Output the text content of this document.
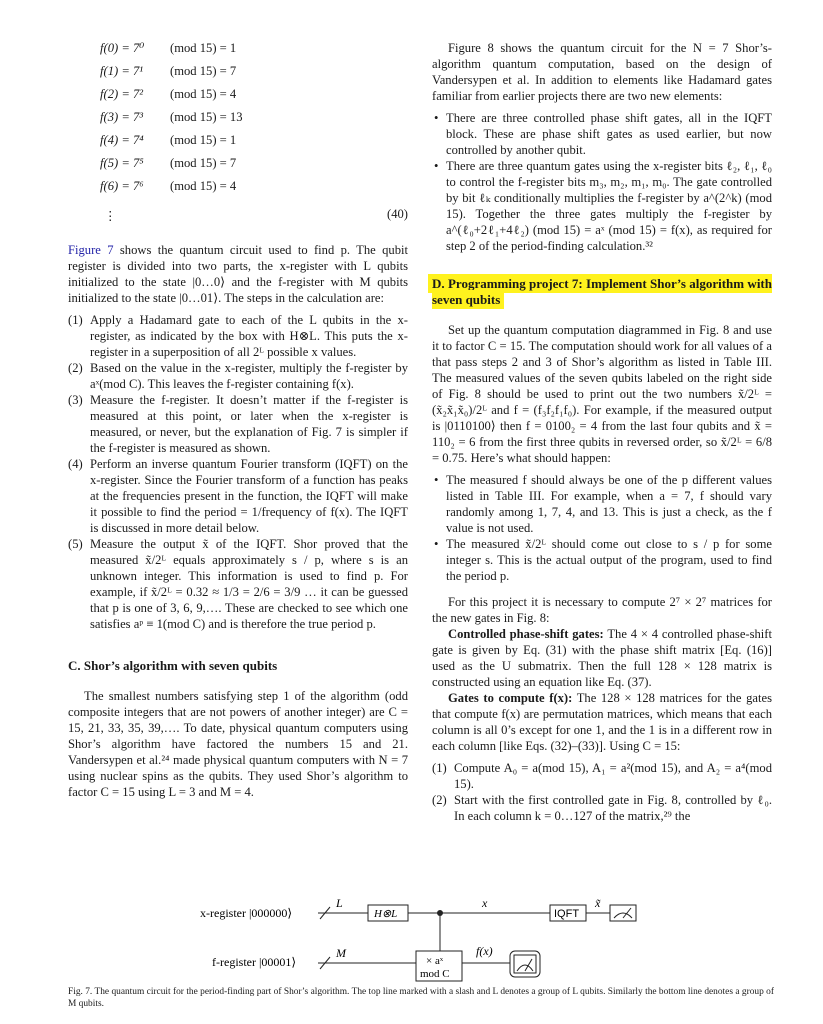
f(0) = 7⁰ (mod 15) = 1
f(1) = 7¹ (mod 15) = 7
f(2) = 7² (mod 15) = 4
f(3) = 7³ (mod 15) = 13
f(4) = 7⁴ (mod 15) = 1
f(5) = 7⁵ (mod 15) = 7
f(6) = 7⁶ (mod 15) = 4
⋮	(40)

Figure 7 shows the quantum circuit used to find p. The qubit register is divided into two parts, the x-register with L qubits initialized to the state |0…0⟩ and the f-register with M qubits initialized to the state |0…01⟩. The steps in the calculation are:

(1) Apply a Hadamard gate to each of the L qubits in the x-register, as indicated by the box with H⊗L. This puts the x-register in a superposition of all 2ᴸ possible x values.
(2) Based on the value in the x-register, multiply the f-register by aˣ(mod C). This leaves the f-register containing f(x).
(3) Measure the f-register. It doesn’t matter if the f-register is measured at this point, or later when the x-register is measured, or never, but the explanation of Fig. 7 is simpler if the f-register is measured as shown.
(4) Perform an inverse quantum Fourier transform (IQFT) on the x-register. Since the Fourier transform of a function has peaks at the frequencies present in the function, the IQFT will make it possible to find the period = 1/frequency of f(x). The IQFT is discussed in more detail below.
(5) Measure the output x̃ of the IQFT. Shor proved that the measured x̃/2ᴸ equals approximately s / p, where s is an unknown integer. This information is used to find p. For example, if x̃/2ᴸ = 0.32 ≈ 1/3 = 2/6 = 3/9 … it can be guessed that p is one of 3, 6, 9,…. These are checked to see which one satisfies aᵖ ≡ 1(mod C) and is therefore the true period p.
C. Shor’s algorithm with seven qubits

The smallest numbers satisfying step 1 of the algorithm (odd composite integers that are not powers of another integer) are C = 15, 21, 33, 35, 39,…. To date, physical quantum computers using Shor’s algorithm have factored the numbers 15 and 21. Vandersypen et al.²⁴ made physical quantum computers with N = 7 using nuclear spins as the qubits. They used Shor’s algorithm to factor C = 15 using L = 3 and M = 4.

Figure 8 shows the quantum circuit for the N = 7 Shor’s-algorithm quantum computation, based on the design of Vandersypen et al. In addition to elements like Hadamard gates familiar from earlier projects there are two new elements:

• There are three controlled phase shift gates, all in the IQFT block. These are phase shift gates as used earlier, but now controlled by another qubit.
• There are three quantum gates using the x-register bits ℓ₂, ℓ₁, ℓ₀ to control the f-register bits m₃, m₂, m₁, m₀. The gate controlled by bit ℓₖ conditionally multiplies the f-register by a^(2^k) (mod 15). Together the three gates multiply the f-register by a^(ℓ₀+2ℓ₁+4ℓ₂) (mod 15) = aˣ (mod 15) = f(x), as required for step 2 of the period-finding calculation.³²
D. Programming project 7: Implement Shor’s algorithm with seven qubits

Set up the quantum computation diagrammed in Fig. 8 and use it to factor C = 15. The computation should work for all values of a that pass steps 2 and 3 of Shor’s algorithm as listed in Table III. The measured values of the seven qubits labeled on the right side of Fig. 8 should be used to print out the two numbers x̃/2ᴸ = (x̃₂x̃₁x̃₀)/2ᴸ and f = (f₃f₂f₁f₀). For example, if the measured output is |0110100⟩ then f = 0100₂ = 4 from the last four qubits and x̃ = 110₂ = 6 from the first three qubits in reversed order, so x̃/2ᴸ = 6/8 = 0.75. Here’s what should happen:

• The measured f should always be one of the p different values listed in Table III. For example, when a = 7, f should vary randomly among 1, 7, 4, and 13. This is just a check, as the f value is not used.
• The measured x̃/2ᴸ should come out close to s / p for some integer s. This is the actual output of the program, used to find the period p.

For this project it is necessary to compute 2⁷ × 2⁷ matrices for the new gates in Fig. 8:

Controlled phase-shift gates: The 4 × 4 controlled phase-shift gate is given by Eq. (31) with the phase shift matrix [Eq. (16)] used as the U submatrix. Then the full 128 × 128 matrix is constructed using an equation like Eq. (37).

Gates to compute f(x): The 128 × 128 matrices for the gates that compute f(x) are permutation matrices, which means that each column is all 0’s except for one 1, and the 1 is in a different row in each column [like Eqs. (32)–(33)]. Using C = 15:

(1) Compute A₀ = a(mod 15), A₁ = a²(mod 15), and A₂ = a⁴(mod 15).
(2) Start with the first controlled gate in Fig. 8, controlled by ℓ₀. In each column k = 0…127 of the matrix,²⁹ the
x-register |000000⟩
f-register |00001⟩
L
H⊗L
x
IQFT
x̃
M
× aˣ
mod C
f(x)

Fig. 7. The quantum circuit for the period-finding part of Shor’s algorithm. The top line marked with a slash and L denotes a group of L qubits. Similarly the bottom line denotes a group of M qubits.
